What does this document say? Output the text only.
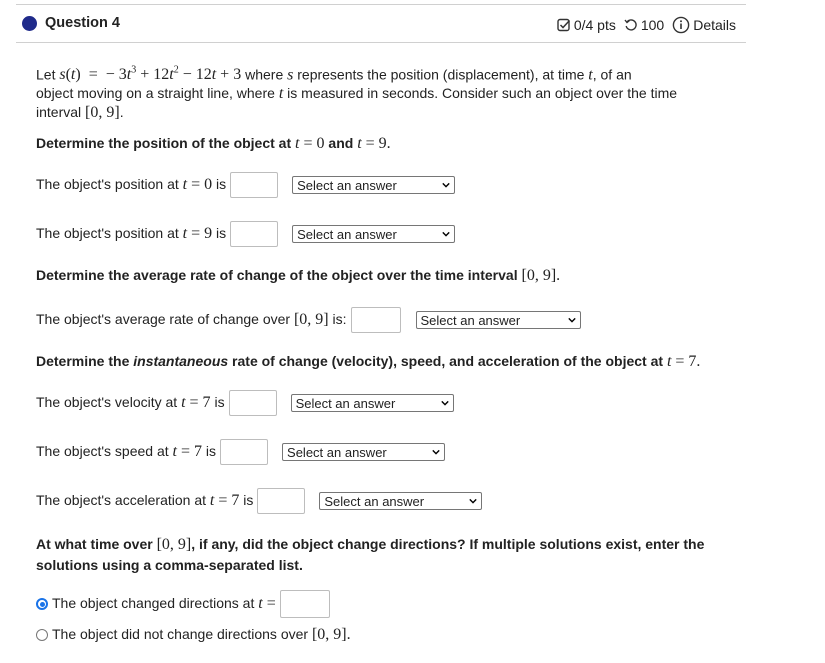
Question 4	0/4 pts 100 Details
Let s(t)  =  − $3t^3 + 12t^2 - 12t + 3$ where s represents the position (displacement), at time t, of an
object moving on a straight line, where t is measured in seconds. Consider such an object over the time
interval [0, 9].
Determine the position of the object at t = 0 and t = 9.
The object's position at t = 0 is	Select an answer
The object's position at t = 9 is	Select an answer
Determine the average rate of change of the object over the time interval [0, 9].
The object's average rate of change over [0, 9] is:	Select an answer
Determine the instantaneous rate of change (velocity), speed, and acceleration of the object at t = 7.
The object's velocity at t = 7 is	Select an answer
The object's speed at t = 7 is	Select an answer
The object's acceleration at t = 7 is	Select an answer
At what time over [0, 9], if any, did the object change directions? If multiple solutions exist, enter the
solutions using a comma-separated list.
The object changed directions at t =
The object did not change directions over [0, 9].
